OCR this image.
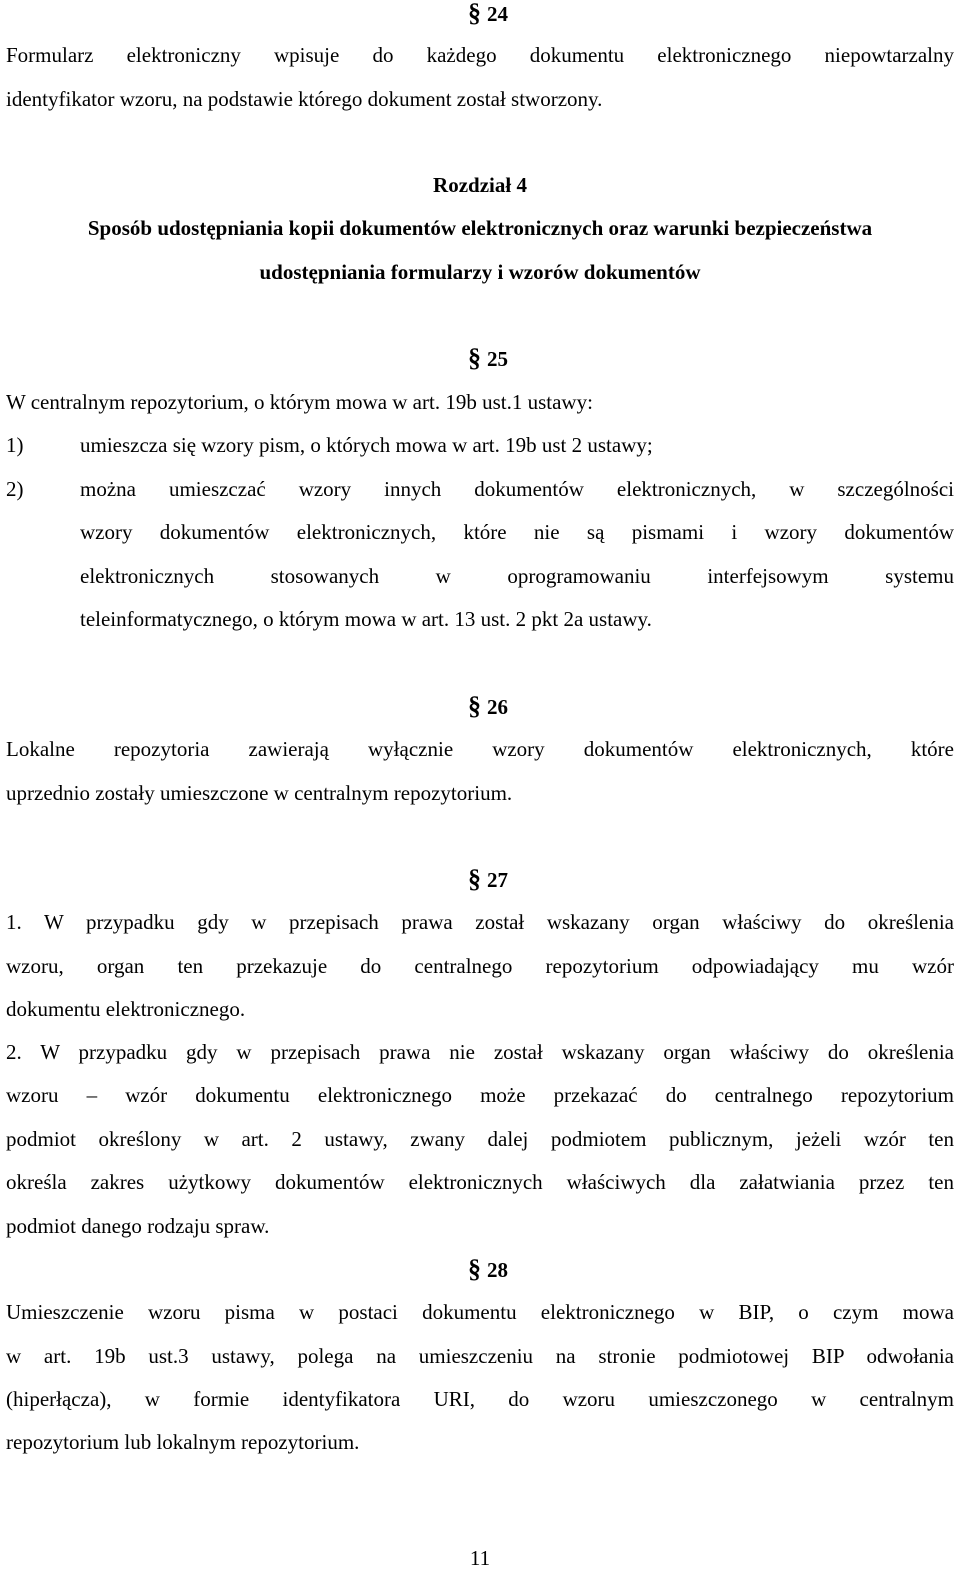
§ 24
Formularz elektroniczny wpisuje do każdego dokumentu elektronicznego niepowtarzalny
identyfikator wzoru, na podstawie którego dokument został stworzony.
Rozdział 4
Sposób udostępniania kopii dokumentów elektronicznych oraz warunki bezpieczeństwa
udostępniania formularzy i wzorów dokumentów
§ 25
W centralnym repozytorium, o którym mowa w art. 19b ust.1 ustawy:
1)	umieszcza się wzory pism, o których mowa w art. 19b ust 2 ustawy;
2)	można umieszczać wzory innych dokumentów elektronicznych, w szczególności
wzory dokumentów elektronicznych, które nie są pismami i wzory dokumentów
elektronicznych stosowanych w oprogramowaniu interfejsowym systemu
teleinformatycznego, o którym mowa w art. 13 ust. 2 pkt 2a ustawy.
§ 26
Lokalne repozytoria zawierają wyłącznie wzory dokumentów elektronicznych, które
uprzednio zostały umieszczone w centralnym repozytorium.
§ 27
1. W przypadku gdy w przepisach prawa został wskazany organ właściwy do określenia
wzoru, organ ten przekazuje do centralnego repozytorium odpowiadający mu wzór
dokumentu elektronicznego.
2. W przypadku gdy w przepisach prawa nie został wskazany organ właściwy do określenia
wzoru – wzór dokumentu elektronicznego może przekazać do centralnego repozytorium
podmiot określony w art. 2 ustawy, zwany dalej podmiotem publicznym, jeżeli wzór ten
określa zakres użytkowy dokumentów elektronicznych właściwych dla załatwiania przez ten
podmiot danego rodzaju spraw.
§ 28
Umieszczenie wzoru pisma w postaci dokumentu elektronicznego w BIP, o czym mowa
w art. 19b ust.3 ustawy, polega na umieszczeniu na stronie podmiotowej BIP odwołania
(hiperłącza), w formie identyfikatora URI, do wzoru umieszczonego w centralnym
repozytorium lub lokalnym repozytorium.
11
